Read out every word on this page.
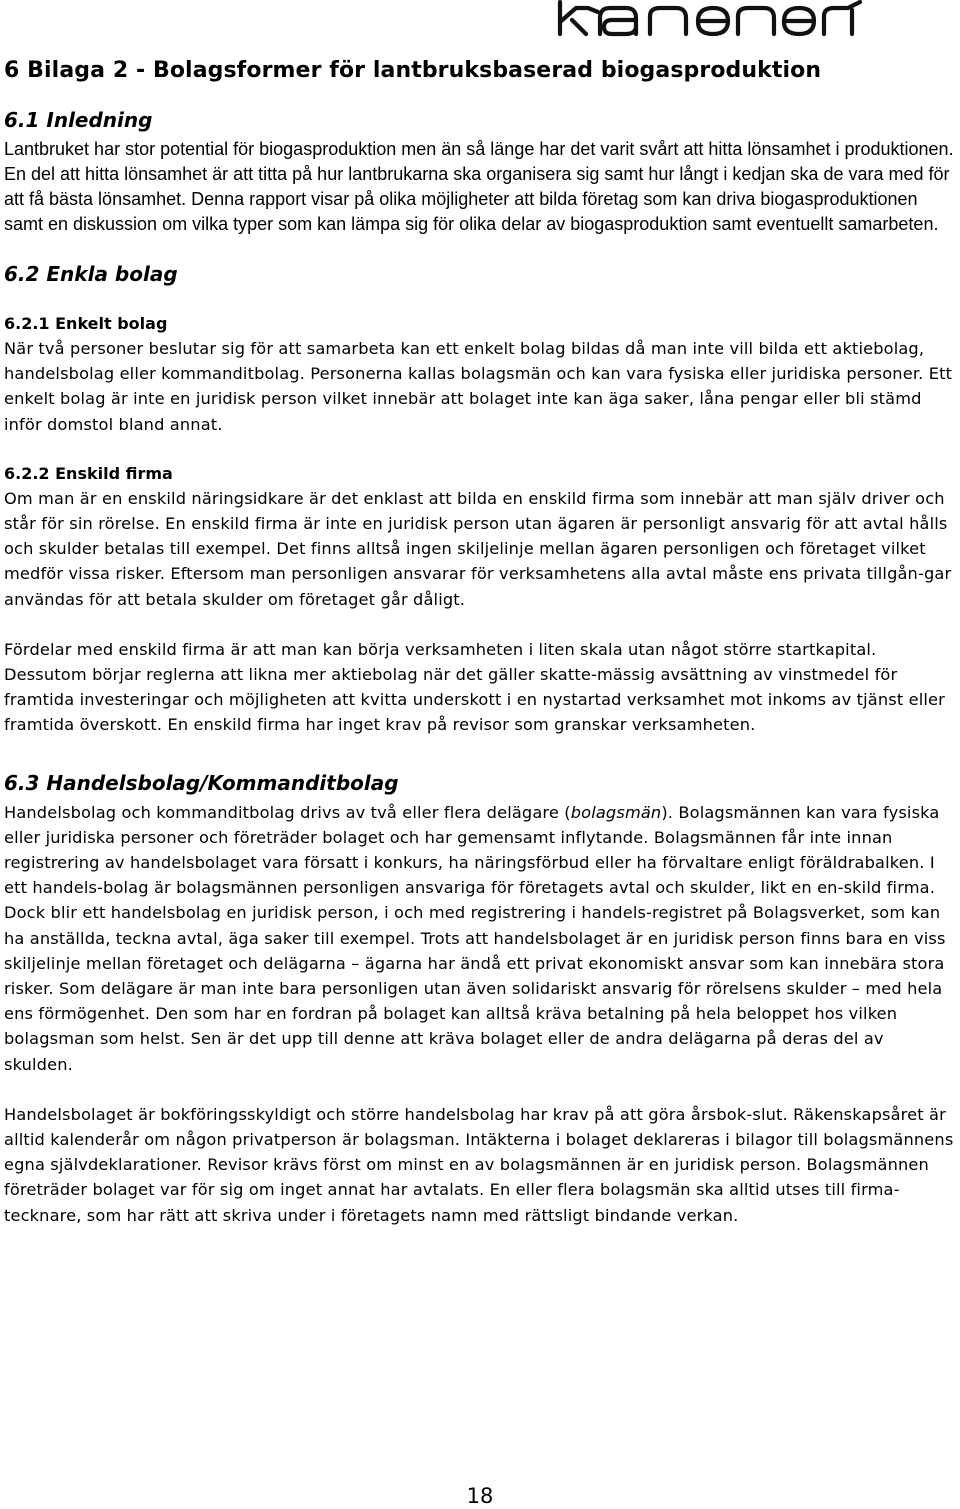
6 Bilaga 2 - Bolagsformer för lantbruksbaserad biogasproduktion
6.1 Inledning

Lantbruket har stor potential för biogasproduktion men än så länge har det varit svårt att hitta lönsamhet i produktionen. En del att hitta lönsamhet är att titta på hur lantbrukarna ska organisera sig samt hur långt i kedjan ska de vara med för att få bästa lönsamhet. Denna rapport visar på olika möjligheter att bilda företag som kan driva biogasproduktionen samt en diskussion om vilka typer som kan lämpa sig för olika delar av biogasproduktion samt eventuellt samarbeten.

6.2 Enkla bolag
6.2.1 Enkelt bolag

När två personer beslutar sig för att samarbeta kan ett enkelt bolag bildas då man inte vill bilda ett aktiebolag, handelsbolag eller kommanditbolag. Personerna kallas bolagsmän och kan vara fysiska eller juridiska personer. Ett enkelt bolag är inte en juridisk person vilket innebär att bolaget inte kan äga saker, låna pengar eller bli stämd inför domstol bland annat.

6.2.2 Enskild firma

Om man är en enskild näringsidkare är det enklast att bilda en enskild firma som innebär att man själv driver och står för sin rörelse. En enskild firma är inte en juridisk person utan ägaren är personligt ansvarig för att avtal hålls och skulder betalas till exempel. Det finns alltså ingen skiljelinje mellan ägaren personligen och företaget vilket medför vissa risker. Eftersom man personligen ansvarar för verksamhetens alla avtal måste ens privata tillgån-gar användas för att betala skulder om företaget går dåligt.

Fördelar med enskild firma är att man kan börja verksamheten i liten skala utan något större startkapital. Dessutom börjar reglerna att likna mer aktiebolag när det gäller skatte-mässig avsättning av vinstmedel för framtida investeringar och möjligheten att kvitta underskott i en nystartad verksamhet mot inkoms av tjänst eller framtida överskott. En enskild firma har inget krav på revisor som granskar verksamheten.

6.3 Handelsbolag/Kommanditbolag

Handelsbolag och kommanditbolag drivs av två eller flera delägare (bolagsmän). Bolagsmännen kan vara fysiska eller juridiska personer och företräder bolaget och har gemensamt inflytande. Bolagsmännen får inte innan registrering av handelsbolaget vara försatt i konkurs, ha näringsförbud eller ha förvaltare enligt föräldrabalken. I ett handels-bolag är bolagsmännen personligen ansvariga för företagets avtal och skulder, likt en en-skild firma. Dock blir ett handelsbolag en juridisk person, i och med registrering i handels-registret på Bolagsverket, som kan ha anställda, teckna avtal, äga saker till exempel. Trots att handelsbolaget är en juridisk person finns bara en viss skiljelinje mellan företaget och delägarna – ägarna har ändå ett privat ekonomiskt ansvar som kan innebära stora risker. Som delägare är man inte bara personligen utan även solidariskt ansvarig för rörelsens skulder – med hela ens förmögenhet. Den som har en fordran på bolaget kan alltså kräva betalning på hela beloppet hos vilken bolagsman som helst. Sen är det upp till denne att kräva bolaget eller de andra delägarna på deras del av skulden.

Handelsbolaget är bokföringsskyldigt och större handelsbolag har krav på att göra årsbok-slut. Räkenskapsåret är alltid kalenderår om någon privatperson är bolagsman. Intäkterna i bolaget deklareras i bilagor till bolagsmännens egna självdeklarationer. Revisor krävs först om minst en av bolagsmännen är en juridisk person. Bolagsmännen företräder bolaget var för sig om inget annat har avtalats. En eller flera bolagsmän ska alltid utses till firma-tecknare, som har rätt att skriva under i företagets namn med rättsligt bindande verkan.

18
